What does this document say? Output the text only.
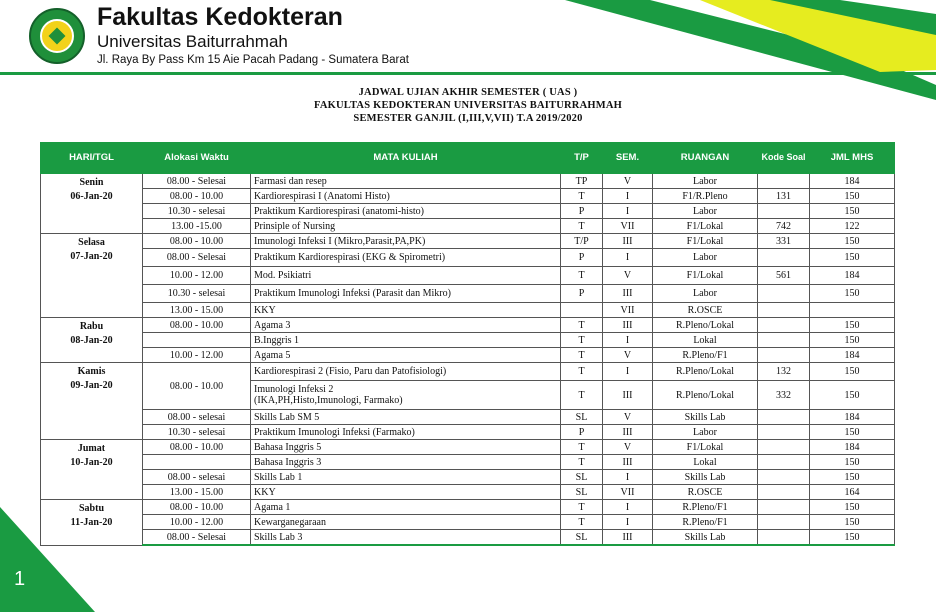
Fakultas Kedokteran
Universitas Baiturrahmah
Jl. Raya By Pass Km 15 Aie Pacah Padang - Sumatera Barat
JADWAL UJIAN AKHIR SEMESTER ( UAS )
FAKULTAS KEDOKTERAN UNIVERSITAS BAITURRAHMAH
SEMESTER GANJIL (I,III,V,VII) T.A 2019/2020
HARI/TGL	Alokasi Waktu	MATA KULIAH	T/P	SEM.	RUANGAN	Kode Soal	JML MHS
Senin
06-Jan-20	08.00 - Selesai	Farmasi dan resep	TP	V	Labor		184
	08.00 - 10.00	Kardiorespirasi I (Anatomi Histo)	T	I	F1/R.Pleno	131	150
	10.30 - selesai	Praktikum Kardiorespirasi (anatomi-histo)	P	I	Labor		150
	13.00 -15.00	Prinsiple of Nursing	T	VII	F1/Lokal	742	122
Selasa
07-Jan-20	08.00 - 10.00	Imunologi Infeksi I (Mikro,Parasit,PA,PK)	T/P	III	F1/Lokal	331	150
	08.00 - Selesai	Praktikum Kardiorespirasi (EKG & Spirometri)	P	I	Labor		150
	10.00 - 12.00	Mod. Psikiatri	T	V	F1/Lokal	561	184
	10.30 - selesai	Praktikum Imunologi Infeksi (Parasit dan Mikro)	P	III	Labor		150
	13.00 - 15.00	KKY		VII	R.OSCE		
Rabu
08-Jan-20	08.00 - 10.00	Agama 3	T	III	R.Pleno/Lokal		150
		B.Inggris 1	T	I	Lokal		150
	10.00 - 12.00	Agama 5	T	V	R.Pleno/F1		184
Kamis
09-Jan-20	08.00 - 10.00	Kardiorespirasi 2 (Fisio, Paru dan Patofisiologi)	T	I	R.Pleno/Lokal	132	150
		Imunologi Infeksi 2
(IKA,PH,Histo,Imunologi, Farmako)	T	III	R.Pleno/Lokal	332	150
	08.00 - selesai	Skills Lab SM 5	SL	V	Skills Lab		184
	10.30 - selesai	Praktikum Imunologi Infeksi (Farmako)	P	III	Labor		150
Jumat
10-Jan-20	08.00 - 10.00	Bahasa Inggris 5	T	V	F1/Lokal		184
		Bahasa Inggris 3	T	III	Lokal		150
	08.00 - selesai	Skills Lab 1	SL	I	Skills Lab		150
	13.00 - 15.00	KKY	SL	VII	R.OSCE		164
Sabtu
11-Jan-20	08.00 - 10.00	Agama 1	T	I	R.Pleno/F1		150
	10.00 - 12.00	Kewarganegaraan	T	I	R.Pleno/F1		150
	08.00 - Selesai	Skills Lab 3	SL	III	Skills Lab		150
1
